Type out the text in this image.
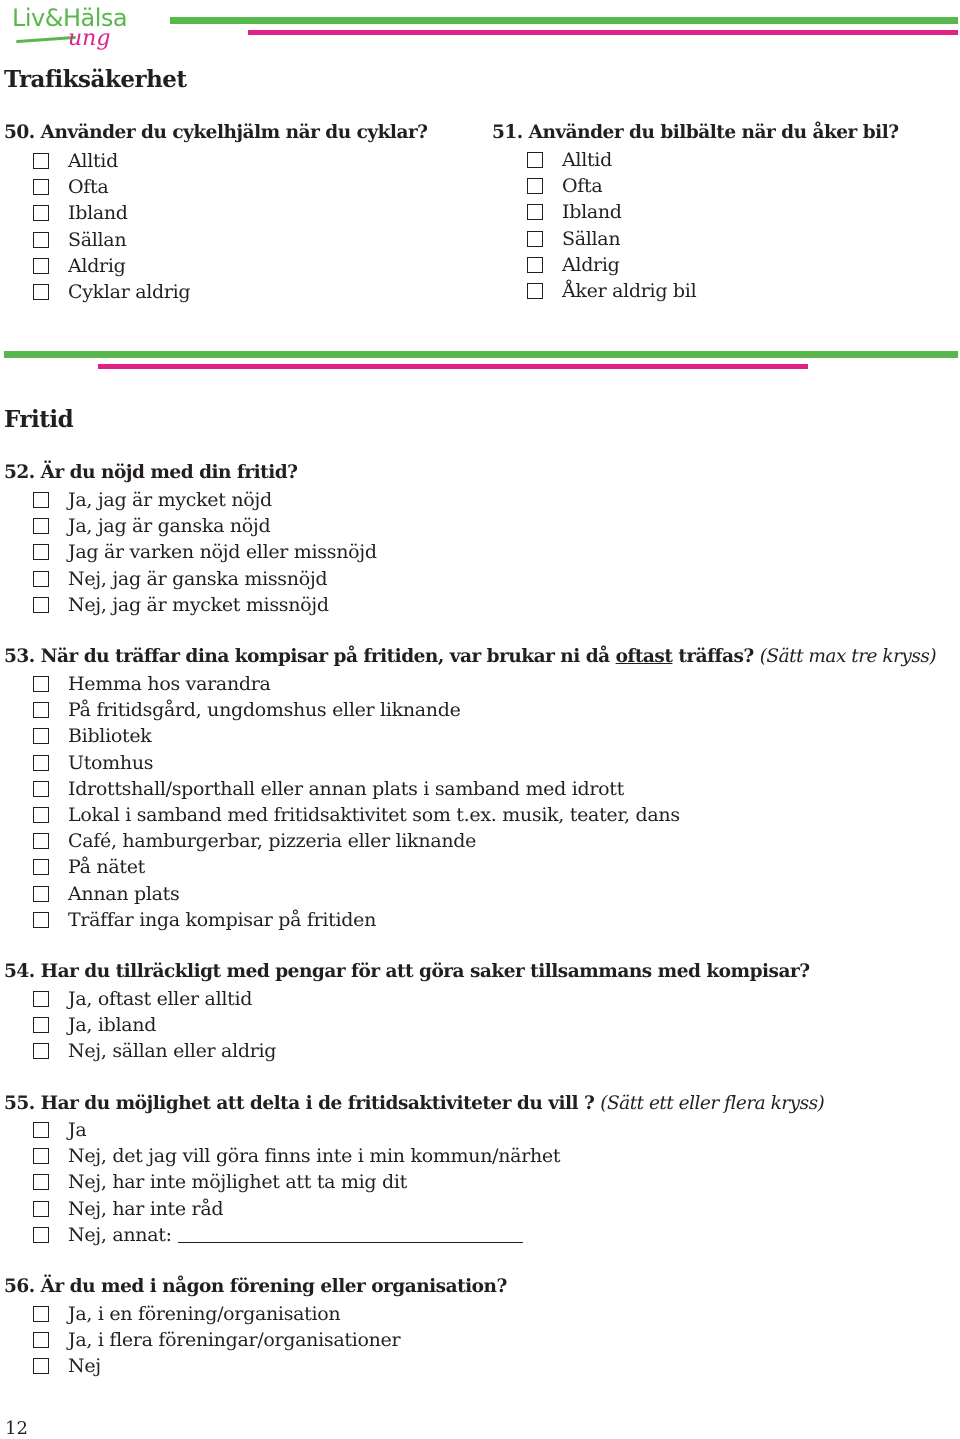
Liv&Hälsa
ung
Trafiksäkerhet
50. Använder du cykelhjälm när du cyklar?
Alltid
Ofta
Ibland
Sällan
Aldrig
Cyklar aldrig
51. Använder du bilbälte när du åker bil?
Alltid
Ofta
Ibland
Sällan
Aldrig
Åker aldrig bil
Fritid
52. Är du nöjd med din fritid?
Ja, jag är mycket nöjd
Ja, jag är ganska nöjd
Jag är varken nöjd eller missnöjd
Nej, jag är ganska missnöjd
Nej, jag är mycket missnöjd
53. När du träffar dina kompisar på fritiden, var brukar ni då oftast träffas? (Sätt max tre kryss)
Hemma hos varandra
På fritidsgård, ungdomshus eller liknande
Bibliotek
Utomhus
Idrottshall/sporthall eller annan plats i samband med idrott
Lokal i samband med fritidsaktivitet som t.ex. musik, teater, dans
Café, hamburgerbar, pizzeria eller liknande
På nätet
Annan plats
Träffar inga kompisar på fritiden
54. Har du tillräckligt med pengar för att göra saker tillsammans med kompisar?
Ja, oftast eller alltid
Ja, ibland
Nej, sällan eller aldrig
55. Har du möjlighet att delta i de fritidsaktiviteter du vill ? (Sätt ett eller flera kryss)
Ja
Nej, det jag vill göra finns inte i min kommun/närhet
Nej, har inte möjlighet att ta mig dit
Nej, har inte råd
Nej, annat:
56. Är du med i någon förening eller organisation?
Ja, i en förening/organisation
Ja, i flera föreningar/organisationer
Nej
12
